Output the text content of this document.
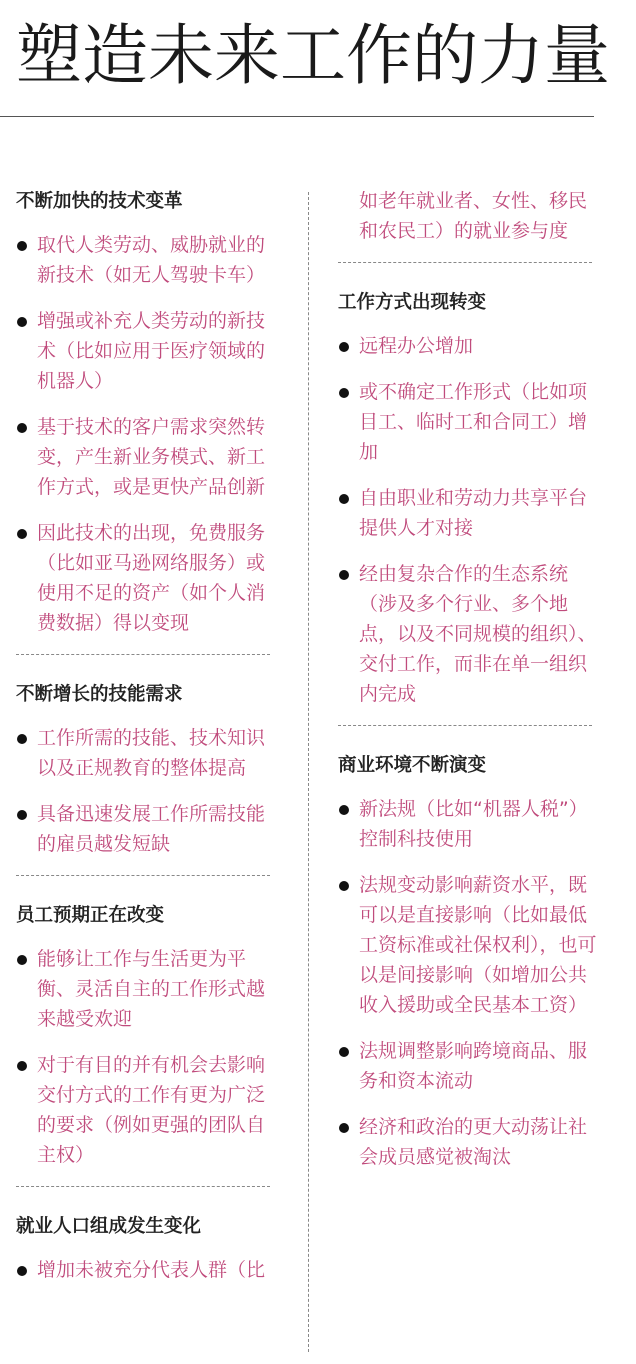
塑造未来工作的力量
不断加快的技术变革
取代人类劳动、威胁就业的新技术（如无人驾驶卡车）
增强或补充人类劳动的新技术（比如应用于医疗领域的机器人）
基于技术的客户需求突然转变，产生新业务模式、新工作方式，或是更快产品创新
因此技术的出现，免费服务（比如亚马逊网络服务）或使用不足的资产（如个人消费数据）得以变现
不断增长的技能需求
工作所需的技能、技术知识以及正规教育的整体提高
具备迅速发展工作所需技能的雇员越发短缺
员工预期正在改变
能够让工作与生活更为平衡、灵活自主的工作形式越来越受欢迎
对于有目的并有机会去影响交付方式的工作有更为广泛的要求（例如更强的团队自主权）
就业人口组成发生变化
增加未被充分代表人群（比
如老年就业者、女性、移民和农民工）的就业参与度
工作方式出现转变
远程办公增加
或不确定工作形式（比如项目工、临时工和合同工）增加
自由职业和劳动力共享平台提供人才对接
经由复杂合作的生态系统（涉及多个行业、多个地点，以及不同规模的组织）、交付工作，而非在单一组织内完成
商业环境不断演变
新法规（比如“机器人税”）控制科技使用
法规变动影响薪资水平，既可以是直接影响（比如最低工资标准或社保权利），也可以是间接影响（如增加公共收入援助或全民基本工资）
法规调整影响跨境商品、服务和资本流动
经济和政治的更大动荡让社会成员感觉被淘汰
